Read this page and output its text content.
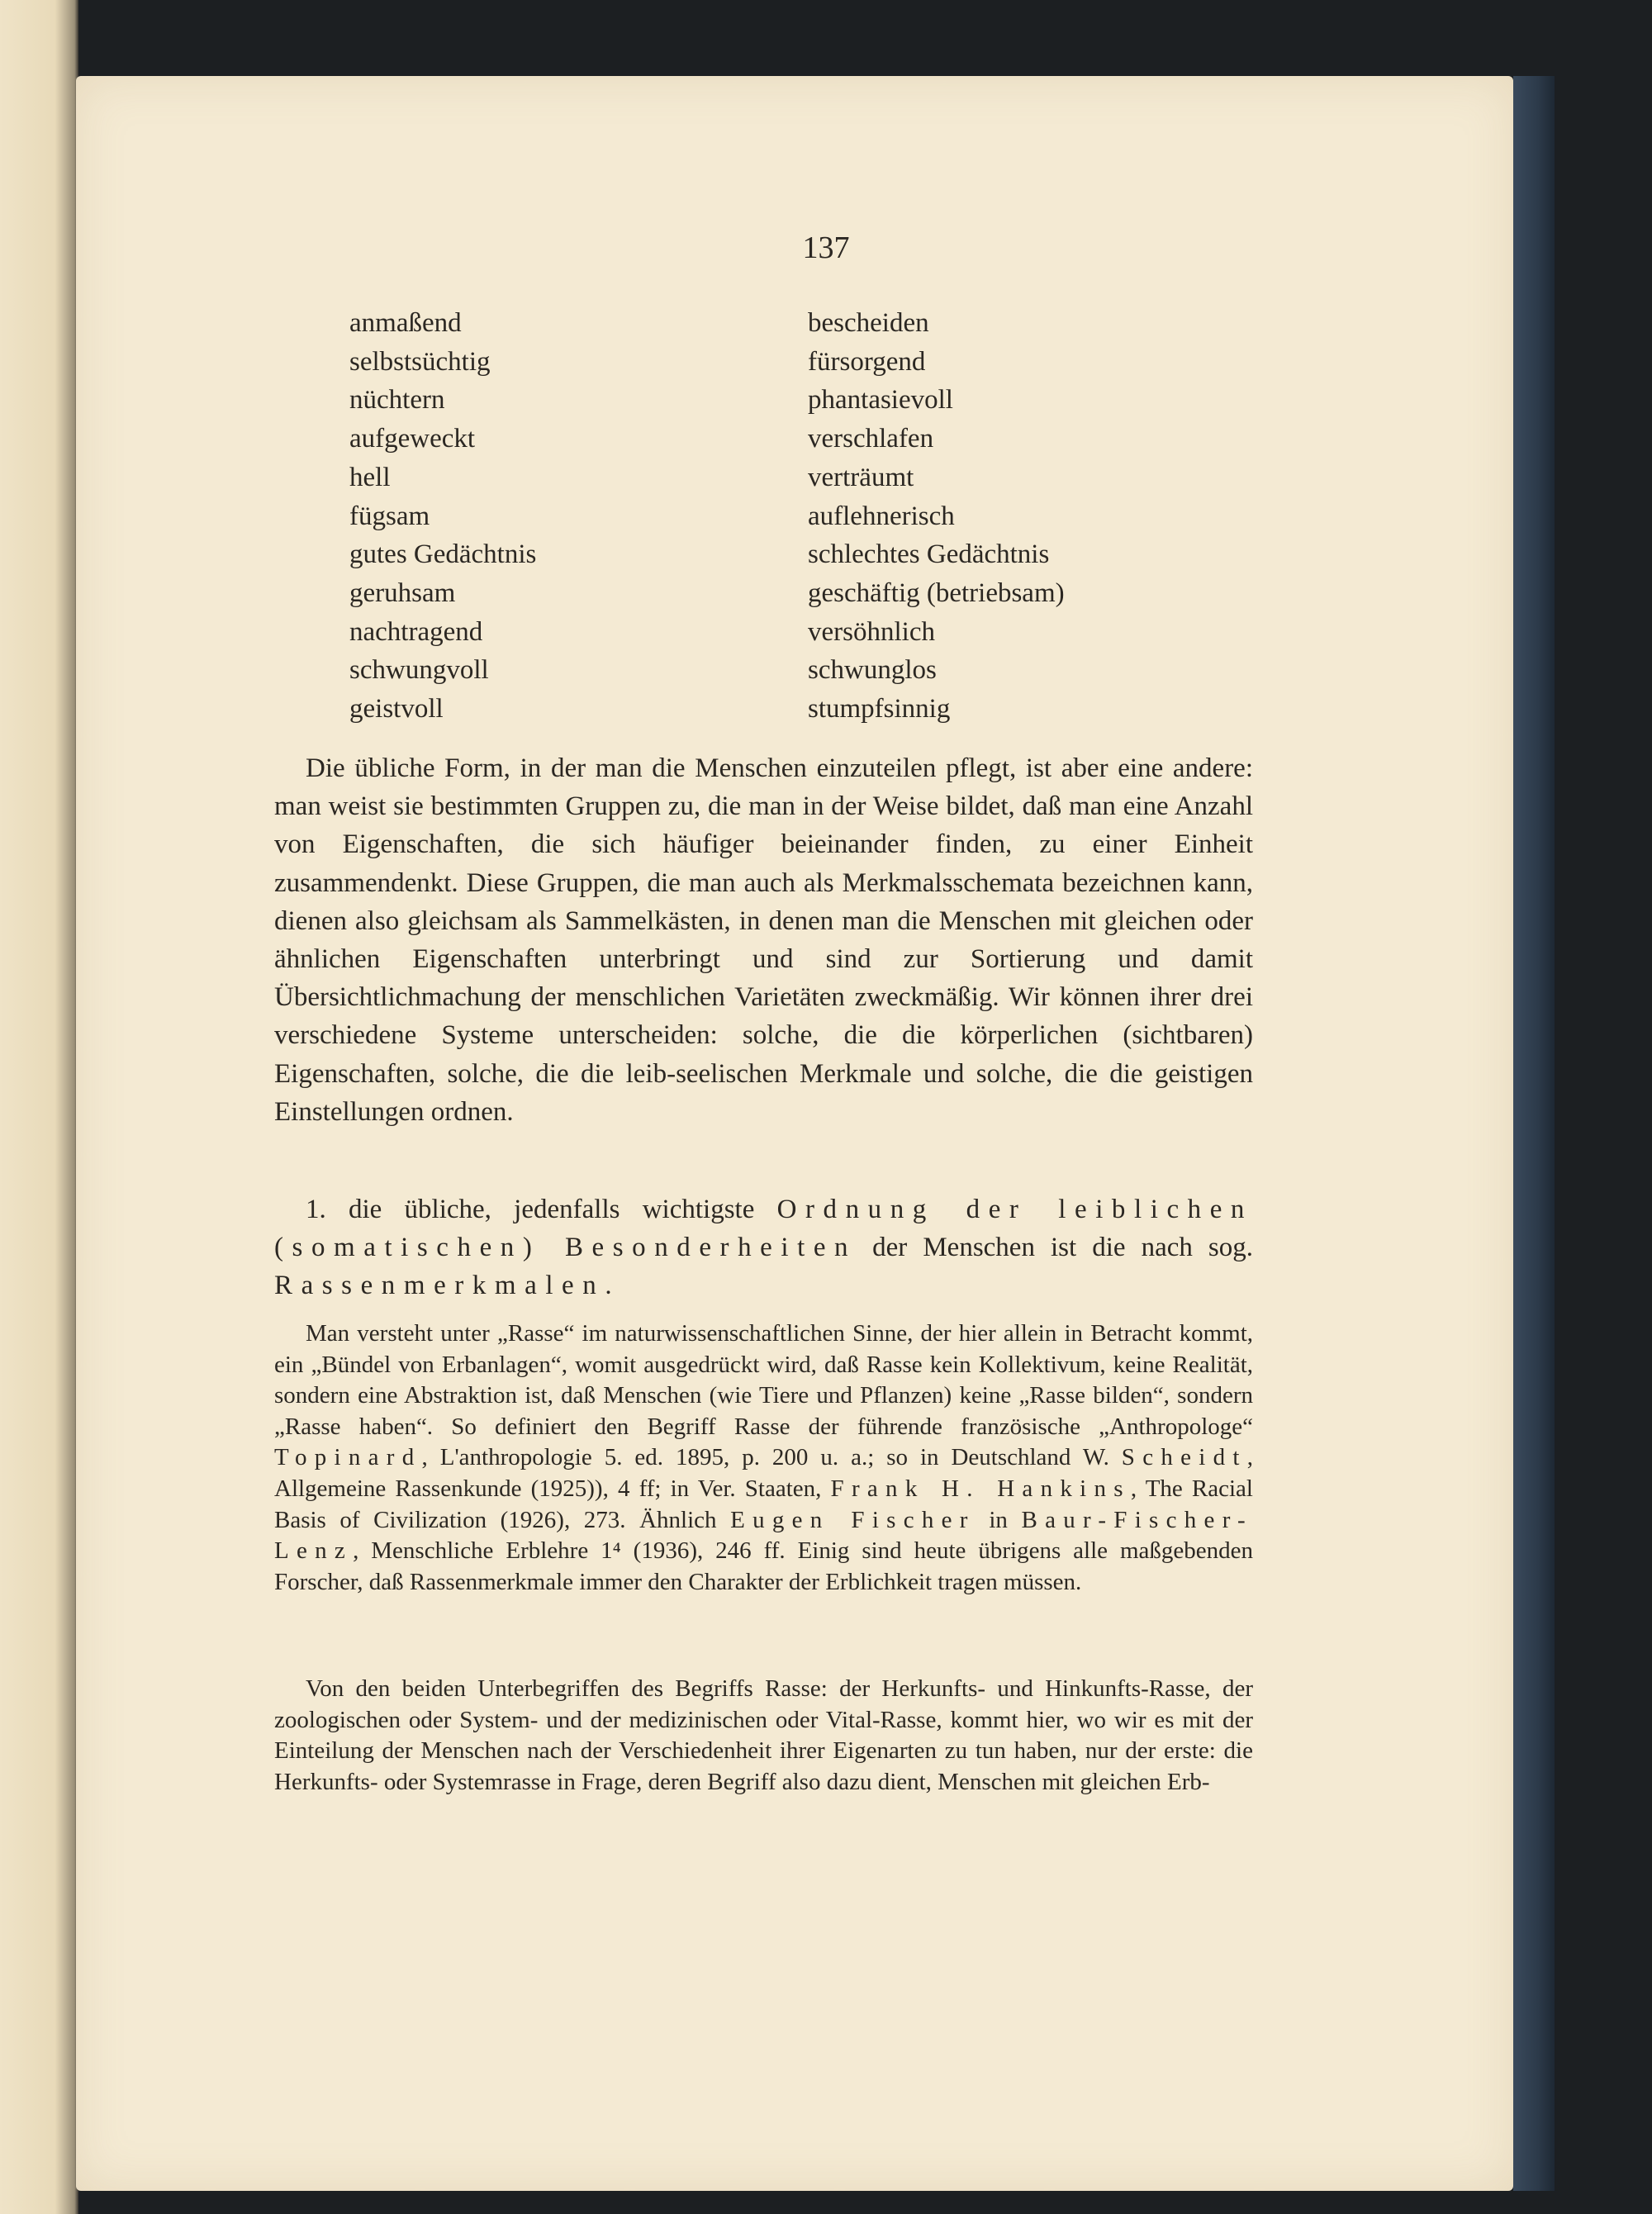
137
anmaßend
selbstsüchtig
nüchtern
aufgeweckt
hell
fügsam
gutes Gedächtnis
geruhsam
nachtragend
schwungvoll
geistvoll
bescheiden
fürsorgend
phantasievoll
verschlafen
verträumt
auflehnerisch
schlechtes Gedächtnis
geschäftig (betriebsam)
versöhnlich
schwunglos
stumpfsinnig

Die übliche Form, in der man die Menschen einzuteilen pflegt, ist aber eine andere: man weist sie bestimmten Gruppen zu, die man in der Weise bildet, daß man eine Anzahl von Eigenschaften, die sich häufiger beieinander finden, zu einer Einheit zusammendenkt. Diese Gruppen, die man auch als Merkmalsschemata bezeichnen kann, dienen also gleichsam als Sammelkästen, in denen man die Menschen mit gleichen oder ähnlichen Eigenschaften unterbringt und sind zur Sortierung und damit Übersichtlichmachung der menschlichen Varietäten zweckmäßig. Wir können ihrer drei verschiedene Systeme unterscheiden: solche, die die körperlichen (sichtbaren) Eigenschaften, solche, die die leib-seelischen Merkmale und solche, die die geistigen Einstellungen ordnen.

1. die übliche, jedenfalls wichtigste Ordnung der leiblichen (somatischen) Besonderheiten der Menschen ist die nach sog. Rassenmerkmalen.

Man versteht unter „Rasse“ im naturwissenschaftlichen Sinne, der hier allein in Betracht kommt, ein „Bündel von Erbanlagen“, womit ausgedrückt wird, daß Rasse kein Kollektivum, keine Realität, sondern eine Abstraktion ist, daß Menschen (wie Tiere und Pflanzen) keine „Rasse bilden“, sondern „Rasse haben“. So definiert den Begriff Rasse der führende französische „Anthropologe“ Topinard, L'anthropologie 5. ed. 1895, p. 200 u. a.; so in Deutschland W. Scheidt, Allgemeine Rassenkunde (1925)), 4 ff; in Ver. Staaten, Frank H. Hankins, The Racial Basis of Civilization (1926), 273. Ähnlich Eugen Fischer in Baur-Fischer-Lenz, Menschliche Erblehre 1⁴ (1936), 246 ff. Einig sind heute übrigens alle maßgebenden Forscher, daß Rassenmerkmale immer den Charakter der Erblichkeit tragen müssen.

Von den beiden Unterbegriffen des Begriffs Rasse: der Herkunfts- und Hinkunfts-Rasse, der zoologischen oder System- und der medizinischen oder Vital-Rasse, kommt hier, wo wir es mit der Einteilung der Menschen nach der Verschiedenheit ihrer Eigenarten zu tun haben, nur der erste: die Herkunfts- oder Systemrasse in Frage, deren Begriff also dazu dient, Menschen mit gleichen Erb-
